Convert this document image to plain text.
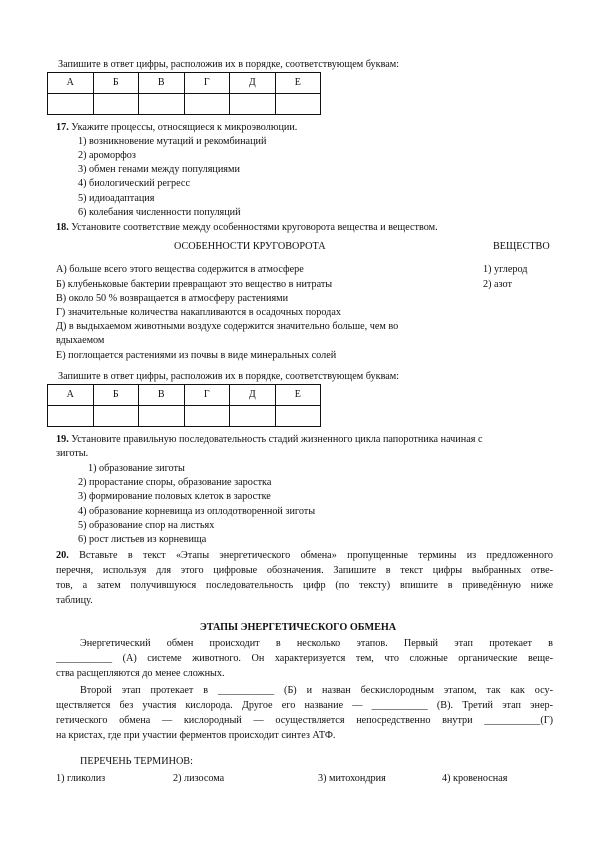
Запишите в ответ цифры, расположив их в порядке, соответствующем буквам:
А	Б	В	Г	Д	Е

17. Укажите процессы, относящиеся к микроэволюции.
1) возникновение мутаций и рекомбинаций
2) ароморфоз
3) обмен генами между популяциями
4) биологический регресс
5) идиоадаптация
6) колебания численности популяций
18. Установите соответствие между особенностями круговорота вещества и веществом.
ОСОБЕННОСТИ КРУГОВОРОТА	ВЕЩЕСТВО
А) больше всего этого вещества содержится в атмосфере
Б) клубеньковые бактерии превращают это вещество в нитраты
В) около 50 % возвращается в атмосферу растениями
Г) значительные количества накапливаются в осадочных породах
Д) в выдыхаемом животными воздухе содержится значительно больше, чем во
вдыхаемом
Е) поглощается растениями из почвы в виде минеральных солей
1) углерод
2) азот
Запишите в ответ цифры, расположив их в порядке, соответствующем буквам:
А	Б	В	Г	Д	Е

19. Установите правильную последовательность стадий жизненного цикла папоротника начиная с
зиготы.
1) образование зиготы
2) прорастание споры, образование заростка
3) формирование половых клеток в заростке
4) образование корневища из оплодотворенной зиготы
5) образование спор на листьях
6) рост листьев из корневища
20. Вставьте в текст «Этапы энергетического обмена» пропущенные термины из предложенного
перечня, используя для этого цифровые обозначения. Запишите в текст цифры выбранных отве-
тов, а затем получившуюся последовательность цифр (по тексту) впишите в приведённую ниже
таблицу.
ЭТАПЫ ЭНЕРГЕТИЧЕСКОГО ОБМЕНА
Энергетический обмен происходит в несколько этапов. Первый этап протекает в
___________ (А) системе животного. Он характеризуется тем, что сложные органические веще-
ства расщепляются до менее сложных.
Второй этап протекает в ___________ (Б) и назван бескислородным этапом, так как осу-
ществляется без участия кислорода. Другое его название — ___________ (В). Третий этап энер-
гетического обмена — кислородный — осуществляется непосредственно внутри ___________(Г)
на кристах, где при участии ферментов происходит синтез АТФ.
ПЕРЕЧЕНЬ ТЕРМИНОВ:
1) гликолиз	2) лизосома	3) митохондрия	4) кровеносная
